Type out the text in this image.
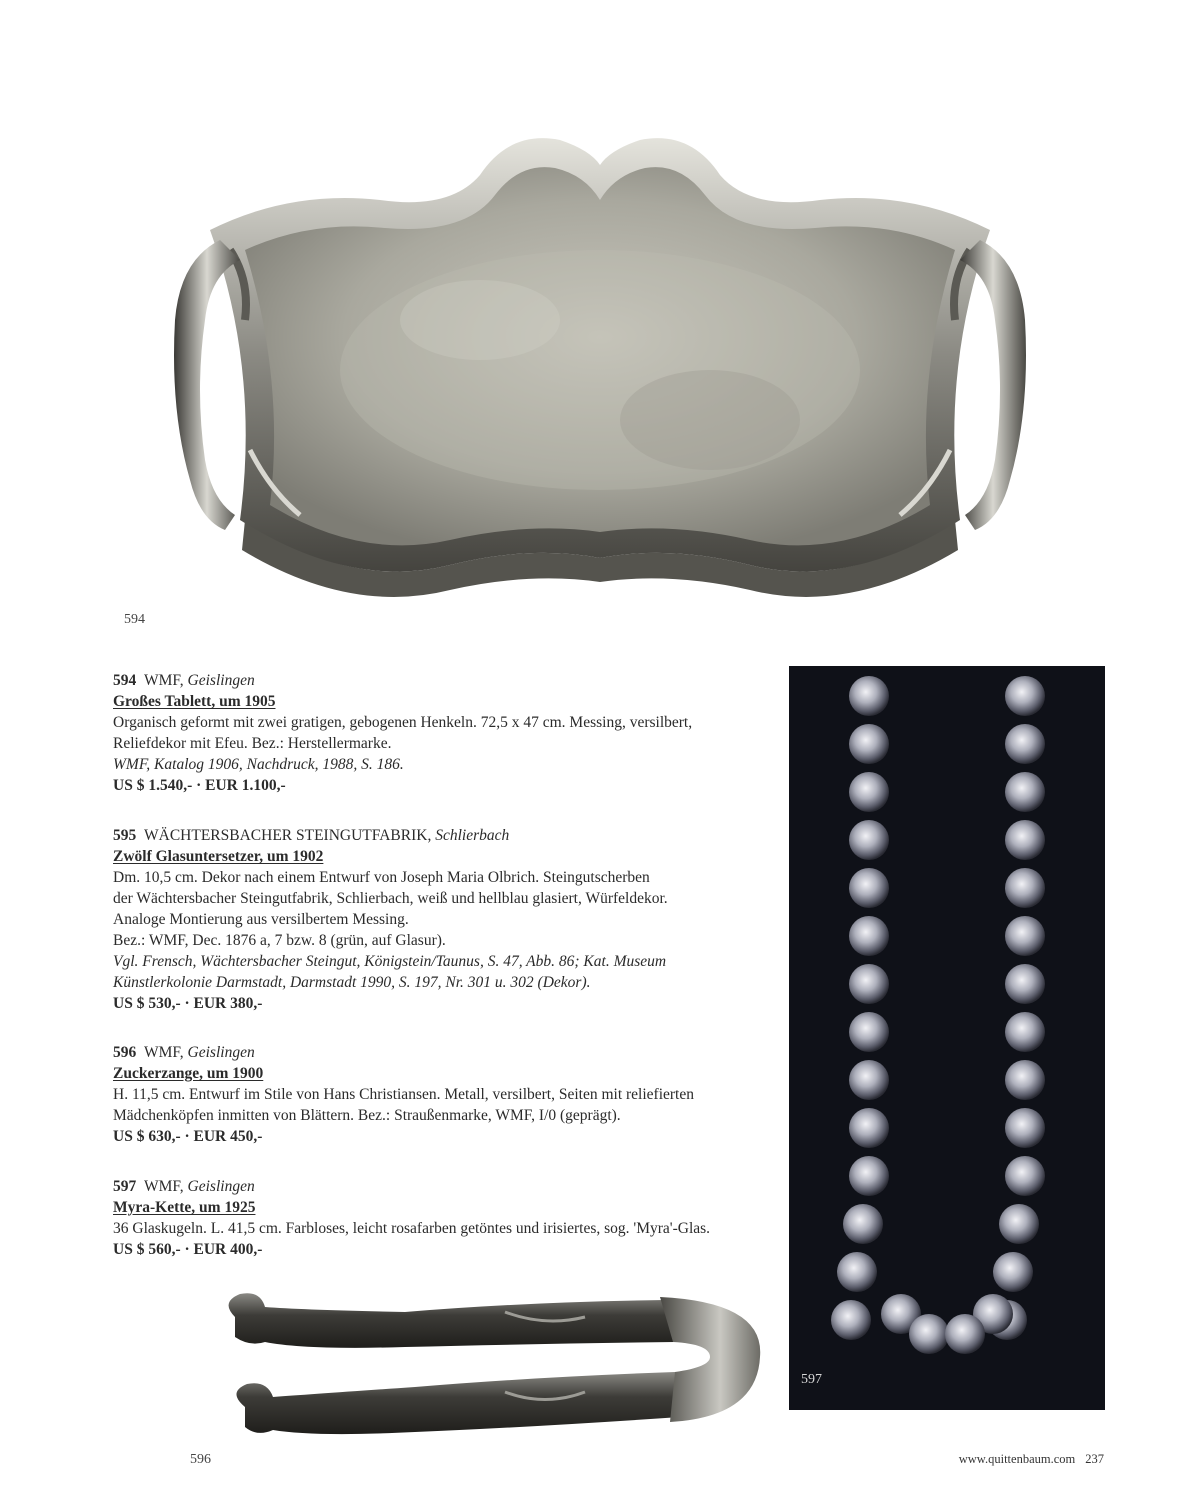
594
597

594 WMF, Geislingen

Großes Tablett, um 1905

Organisch geformt mit zwei gratigen, gebogenen Henkeln. 72,5 x 47 cm. Messing, versilbert,

Reliefdekor mit Efeu. Bez.: Herstellermarke.

WMF, Katalog 1906, Nachdruck, 1988, S. 186.

US $ 1.540,- · EUR 1.100,-

595 WÄCHTERSBACHER STEINGUTFABRIK, Schlierbach

Zwölf Glasuntersetzer, um 1902

Dm. 10,5 cm. Dekor nach einem Entwurf von Joseph Maria Olbrich. Steingutscherben

der Wächtersbacher Steingutfabrik, Schlierbach, weiß und hellblau glasiert, Würfeldekor.

Analoge Montierung aus versilbertem Messing.

Bez.: WMF, Dec. 1876 a, 7 bzw. 8 (grün, auf Glasur).

Vgl. Frensch, Wächtersbacher Steingut, Königstein/Taunus, S. 47, Abb. 86; Kat. Museum

Künstlerkolonie Darmstadt, Darmstadt 1990, S. 197, Nr. 301 u. 302 (Dekor).

US $ 530,- · EUR 380,-

596 WMF, Geislingen

Zuckerzange, um 1900

H. 11,5 cm. Entwurf im Stile von Hans Christiansen. Metall, versilbert, Seiten mit reliefierten

Mädchenköpfen inmitten von Blättern. Bez.: Straußenmarke, WMF, I/0 (geprägt).

US $ 630,- · EUR 450,-

597 WMF, Geislingen

Myra-Kette, um 1925

36 Glaskugeln. L. 41,5 cm. Farbloses, leicht rosafarben getöntes und irisiertes, sog. 'Myra'-Glas.

US $ 560,- · EUR 400,-

596	www.quittenbaum.com 237
